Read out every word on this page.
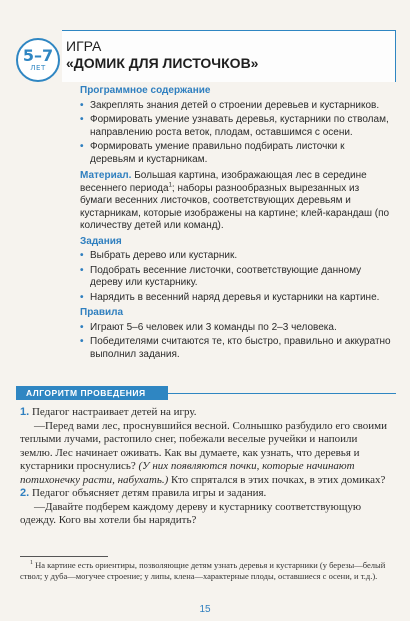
5–7
ЛЕТ
ИГРА
«ДОМИК ДЛЯ ЛИСТОЧКОВ»
Программное содержание
• Закреплять знания детей о строении деревьев и кустарников.
• Формировать умение узнавать деревья, кустарники по стволам, направлению роста веток, плодам, оставшимся с осени.
• Формировать умение правильно подбирать листочки к деревьям и кустарникам.
Материал. Большая картина, изображающая лес в середине весеннего периода$^1$; наборы разнообразных вырезанных из бумаги весенних листочков, соответствующих деревьям и кустарникам, которые изображены на картине; клей-карандаш (по количеству детей или команд).
Задания
• Выбрать дерево или кустарник.
• Подобрать весенние листочки, соответствующие данному дереву или кустарнику.
• Нарядить в весенний наряд деревья и кустарники на картине.
Правила
• Играют 5–6 человек или 3 команды по 2–3 человека.
• Победителями считаются те, кто быстро, правильно и аккуратно выполнил задания.
АЛГОРИТМ ПРОВЕДЕНИЯ
1. Педагог настраивает детей на игру.
—Перед вами лес, проснувшийся весной. Солнышко разбудило его своими теплыми лучами, растопило снег, побежали веселые ручейки и напоили землю. Лес начинает оживать. Как вы думаете, как узнать, что деревья и кустарники проснулись? (У них появляются почки, которые начинают потихонечку расти, набухать.) Кто спрятался в этих почках, в этих домиках?
2. Педагог объясняет детям правила игры и задания.
—Давайте подберем каждому дереву и кустарнику соответствующую одежду. Кого вы хотели бы нарядить?
$^1$ На картине есть ориентиры, позволяющие детям узнать деревья и кустарники (у березы—белый ствол; у дуба—могучее строение; у липы, клена—характерные плоды, оставшиеся с осени, и т.д.).
15
